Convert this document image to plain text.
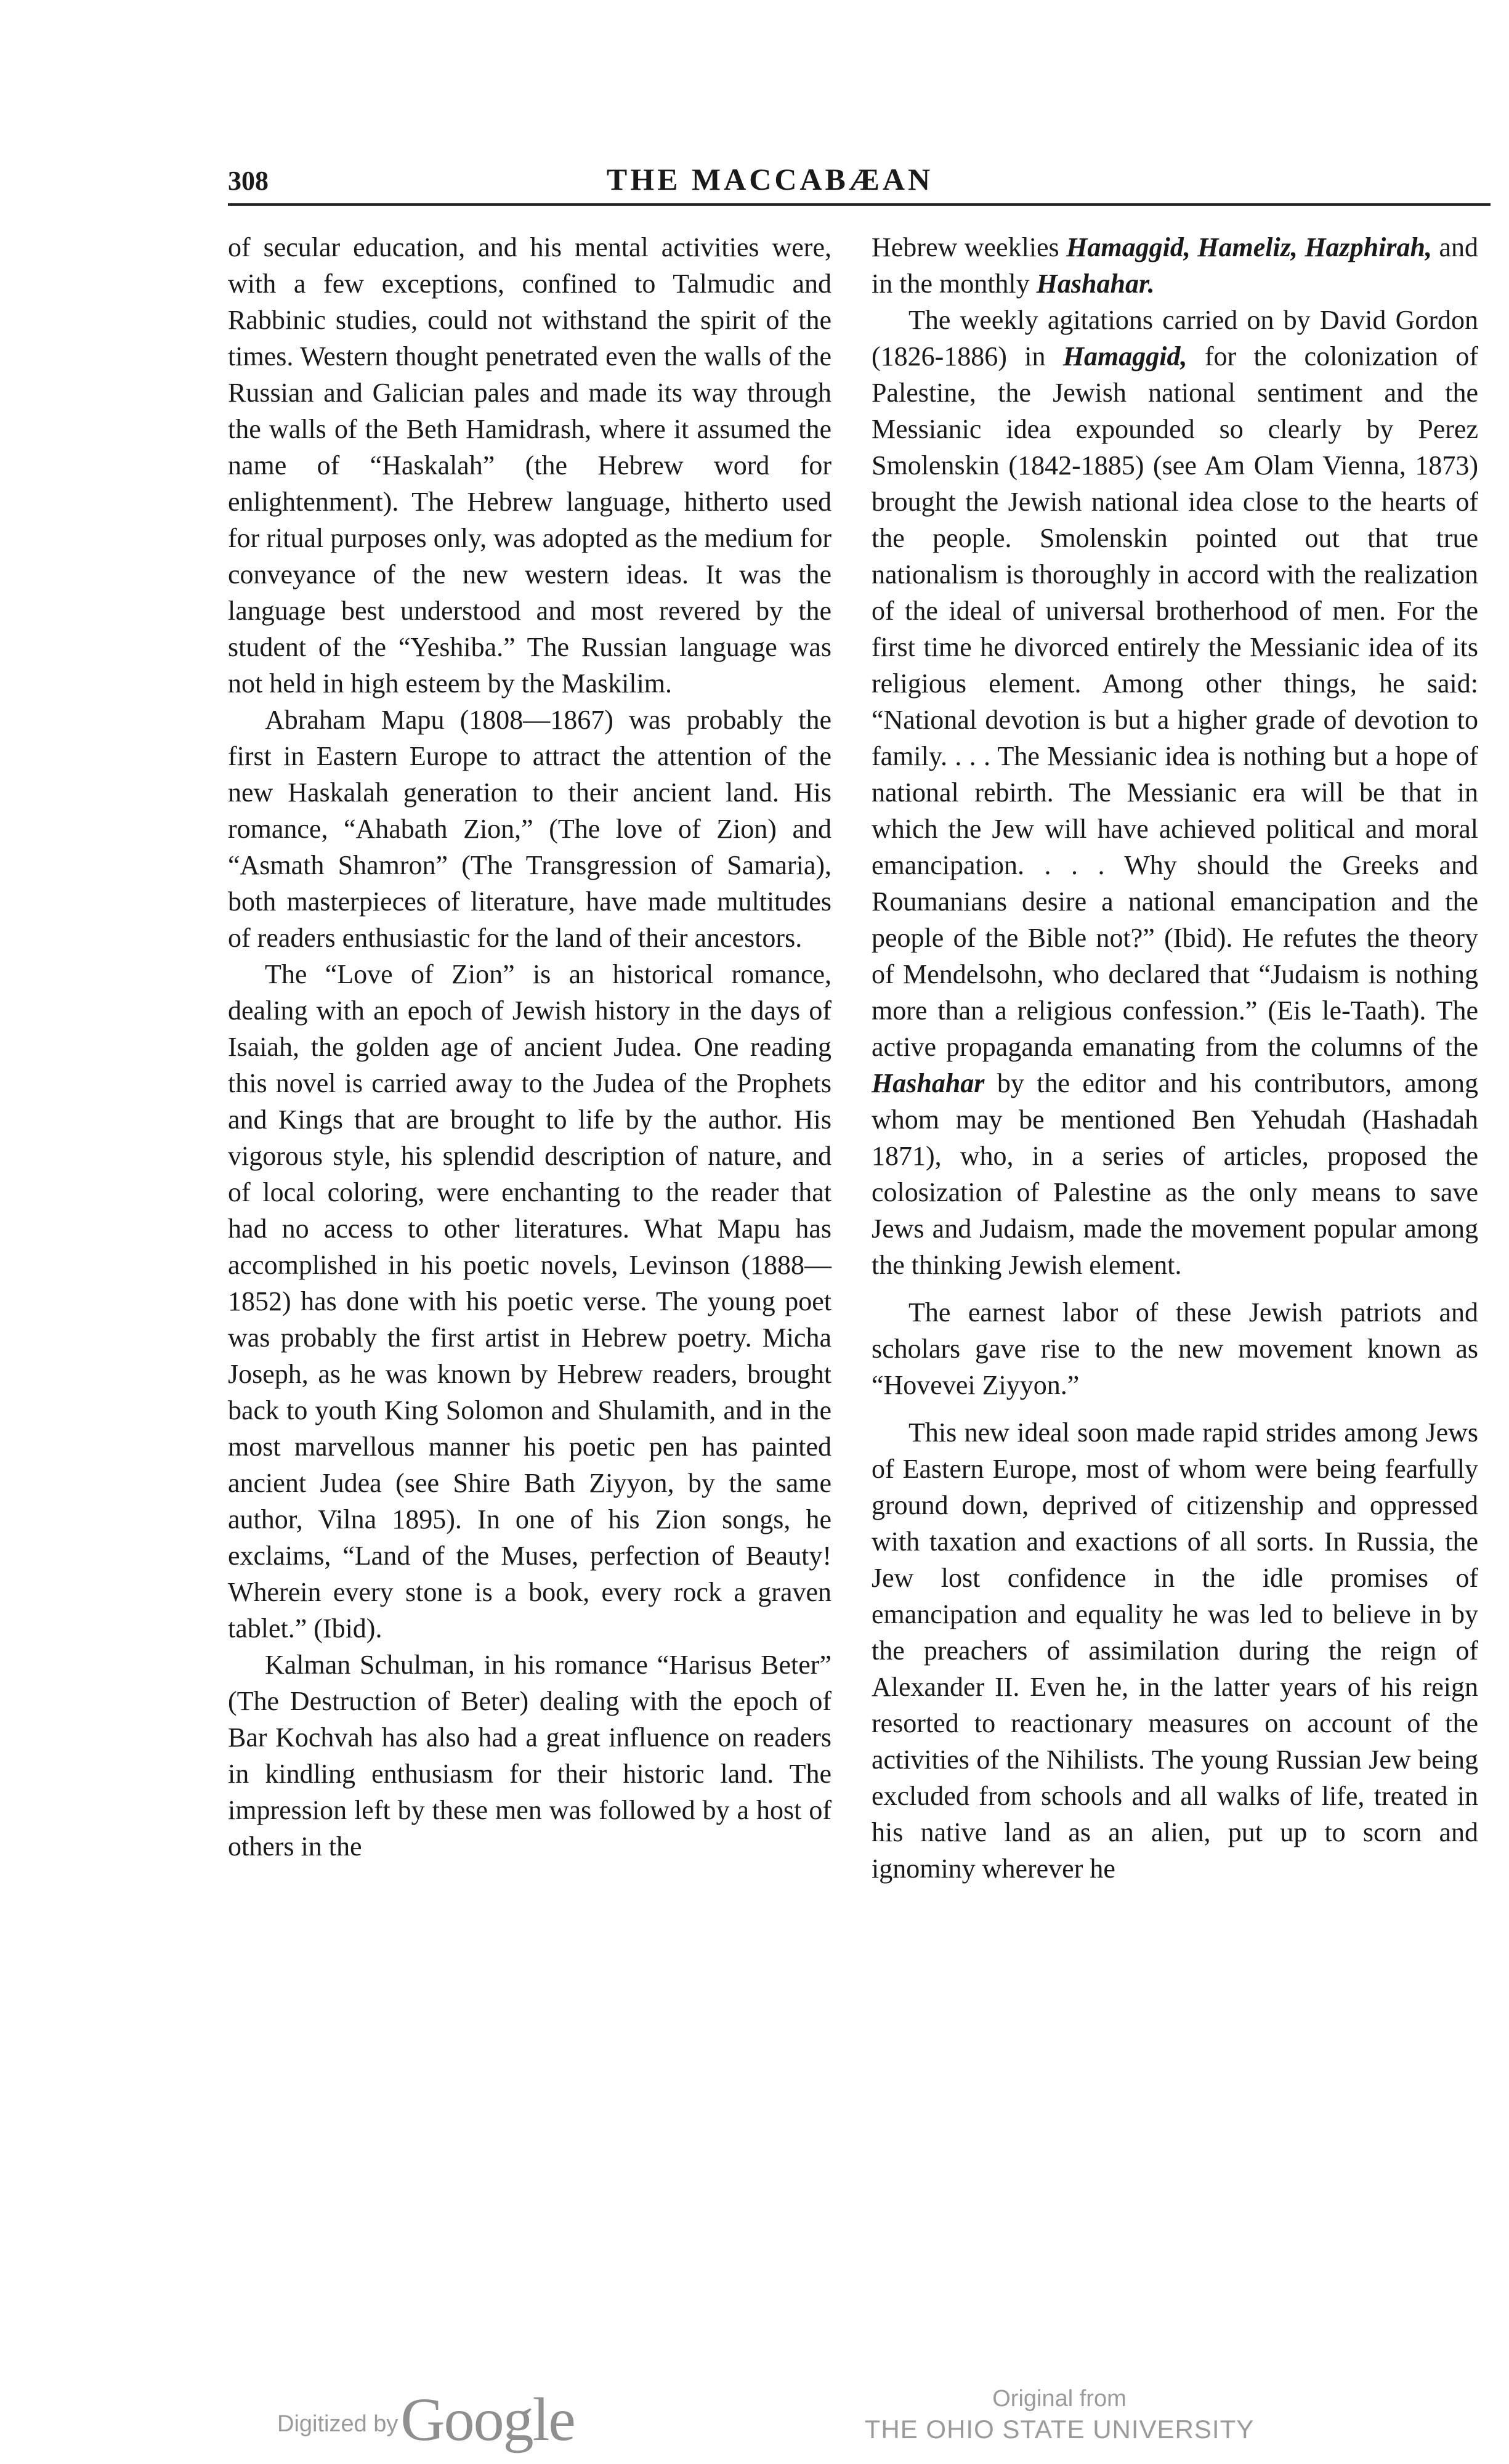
308	THE MACCABÆAN

of secular education, and his mental activities were, with a few exceptions, confined to Talmudic and Rabbinic studies, could not withstand the spirit of the times. Western thought penetrated even the walls of the Russian and Galician pales and made its way through the walls of the Beth Hamidrash, where it assumed the name of “Haskalah” (the Hebrew word for enlightenment). The Hebrew language, hitherto used for ritual purposes only, was adopted as the medium for conveyance of the new western ideas. It was the language best understood and most revered by the student of the “Yeshiba.” The Russian language was not held in high esteem by the Maskilim.

Abraham Mapu (1808—1867) was probably the first in Eastern Europe to attract the attention of the new Haskalah generation to their ancient land. His romance, “Ahabath Zion,” (The love of Zion) and “Asmath Shamron” (The Transgression of Samaria), both masterpieces of literature, have made multitudes of readers enthusiastic for the land of their ancestors.

The “Love of Zion” is an historical romance, dealing with an epoch of Jewish history in the days of Isaiah, the golden age of ancient Judea. One reading this novel is carried away to the Judea of the Prophets and Kings that are brought to life by the author. His vigorous style, his splendid description of nature, and of local coloring, were enchanting to the reader that had no access to other literatures. What Mapu has accomplished in his poetic novels, Levinson (1888—1852) has done with his poetic verse. The young poet was probably the first artist in Hebrew poetry. Micha Joseph, as he was known by Hebrew readers, brought back to youth King Solomon and Shulamith, and in the most marvellous manner his poetic pen has painted ancient Judea (see Shire Bath Ziyyon, by the same author, Vilna 1895). In one of his Zion songs, he exclaims, “Land of the Muses, perfection of Beauty! Wherein every stone is a book, every rock a graven tablet.” (Ibid).

Kalman Schulman, in his romance “Harisus Beter” (The Destruction of Beter) dealing with the epoch of Bar Kochvah has also had a great influence on readers in kindling enthusiasm for their historic land. The impression left by these men was followed by a host of others in the

Hebrew weeklies Hamaggid, Hameliz, Hazphirah, and in the monthly Hashahar.

The weekly agitations carried on by David Gordon (1826-1886) in Hamaggid, for the colonization of Palestine, the Jewish national sentiment and the Messianic idea expounded so clearly by Perez Smolenskin (1842-1885) (see Am Olam Vienna, 1873) brought the Jewish national idea close to the hearts of the people. Smolenskin pointed out that true nationalism is thoroughly in accord with the realization of the ideal of universal brotherhood of men. For the first time he divorced entirely the Messianic idea of its religious element. Among other things, he said: “National devotion is but a higher grade of devotion to family. . . . The Messianic idea is nothing but a hope of national rebirth. The Messianic era will be that in which the Jew will have achieved political and moral emancipation. . . . Why should the Greeks and Roumanians desire a national emancipation and the people of the Bible not?” (Ibid). He refutes the theory of Mendelsohn, who declared that “Judaism is nothing more than a religious confession.” (Eis le-Taath). The active propaganda emanating from the columns of the Hashahar by the editor and his contributors, among whom may be mentioned Ben Yehudah (Hashadah 1871), who, in a series of articles, proposed the colosization of Palestine as the only means to save Jews and Judaism, made the movement popular among the thinking Jewish element.

The earnest labor of these Jewish patriots and scholars gave rise to the new movement known as “Hovevei Ziyyon.”

This new ideal soon made rapid strides among Jews of Eastern Europe, most of whom were being fearfully ground down, deprived of citizenship and oppressed with taxation and exactions of all sorts. In Russia, the Jew lost confidence in the idle promises of emancipation and equality he was led to believe in by the preachers of assimilation during the reign of Alexander II. Even he, in the latter years of his reign resorted to reactionary measures on account of the activities of the Nihilists. The young Russian Jew being excluded from schools and all walks of life, treated in his native land as an alien, put up to scorn and ignominy wherever he

Digitized by Google	Original from
THE OHIO STATE UNIVERSITY
